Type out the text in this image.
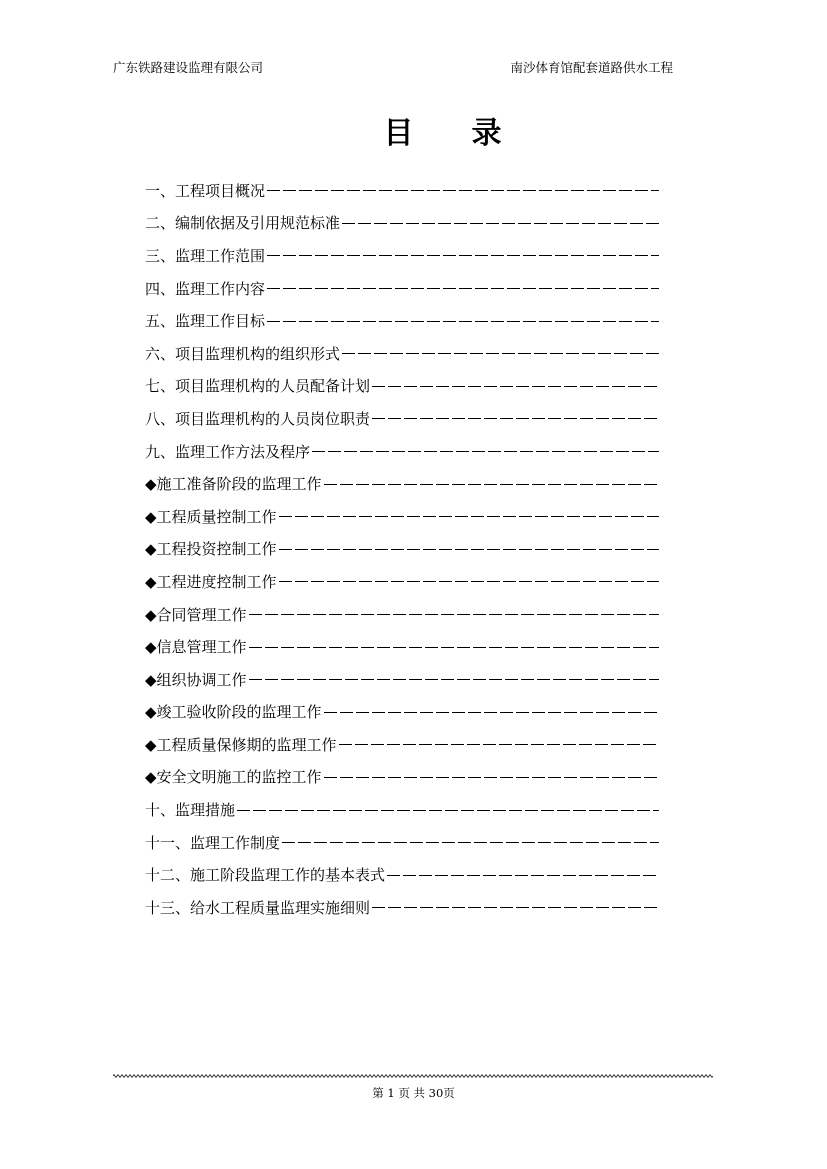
广东铁路建设监理有限公司	南沙体育馆配套道路供水工程
目录
一、工程项目概况
二、编制依据及引用规范标准
三、监理工作范围
四、监理工作内容
五、监理工作目标
六、项目监理机构的组织形式
七、项目监理机构的人员配备计划
八、项目监理机构的人员岗位职责
九、监理工作方法及程序
◆施工准备阶段的监理工作
◆工程质量控制工作
◆工程投资控制工作
◆工程进度控制工作
◆合同管理工作
◆信息管理工作
◆组织协调工作
◆竣工验收阶段的监理工作
◆工程质量保修期的监理工作
◆安全文明施工的监控工作
十、监理措施
十一、监理工作制度
十二、施工阶段监理工作的基本表式
十三、给水工程质量监理实施细则
第 1 页 共 30页
